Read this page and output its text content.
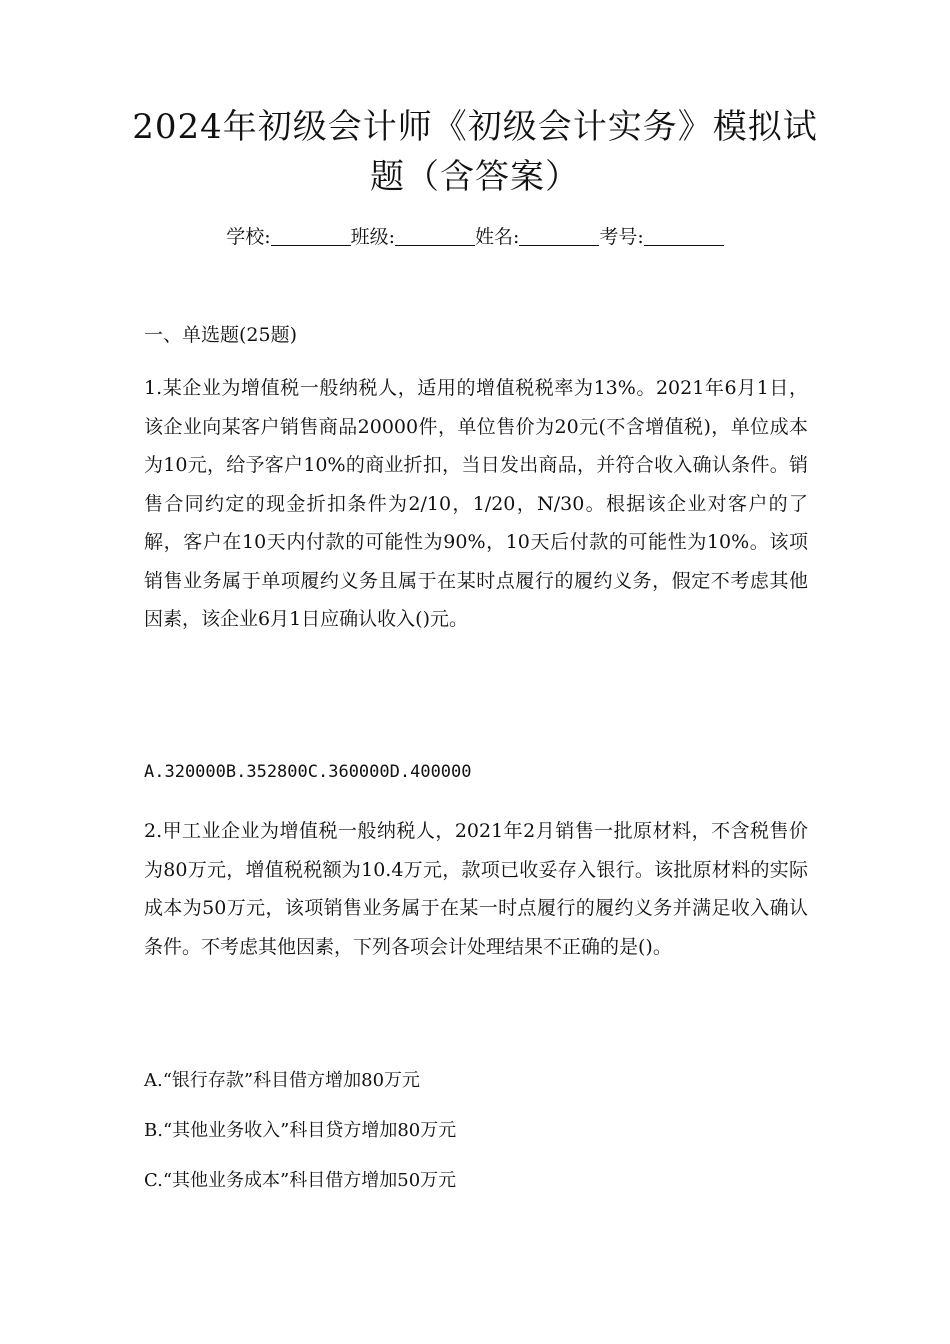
2024年初级会计师《初级会计实务》模拟试
题（含答案）
学校:	班级:	姓名:	考号:
一、单选题(25题)

1.某企业为增值税一般纳税人，适用的增值税税率为13%。2021年6月1日，该企业向某客户销售商品20000件，单位售价为20元(不含增值税)，单位成本为10元，给予客户10%的商业折扣，当日发出商品，并符合收入确认条件。销售合同约定的现金折扣条件为2/10，1/20，N/30。根据该企业对客户的了解，客户在10天内付款的可能性为90%，10天后付款的可能性为10%。该项销售业务属于单项履约义务且属于在某时点履行的履约义务，假定不考虑其他因素，该企业6月1日应确认收入()元。

A.320000B.352800C.360000D.400000

2.甲工业企业为增值税一般纳税人，2021年2月销售一批原材料，不含税售价为80万元，增值税税额为10.4万元，款项已收妥存入银行。该批原材料的实际成本为50万元，该项销售业务属于在某一时点履行的履约义务并满足收入确认条件。不考虑其他因素，下列各项会计处理结果不正确的是()。

A.“银行存款”科目借方增加80万元
B.“其他业务收入”科目贷方增加80万元
C.“其他业务成本”科目借方增加50万元
